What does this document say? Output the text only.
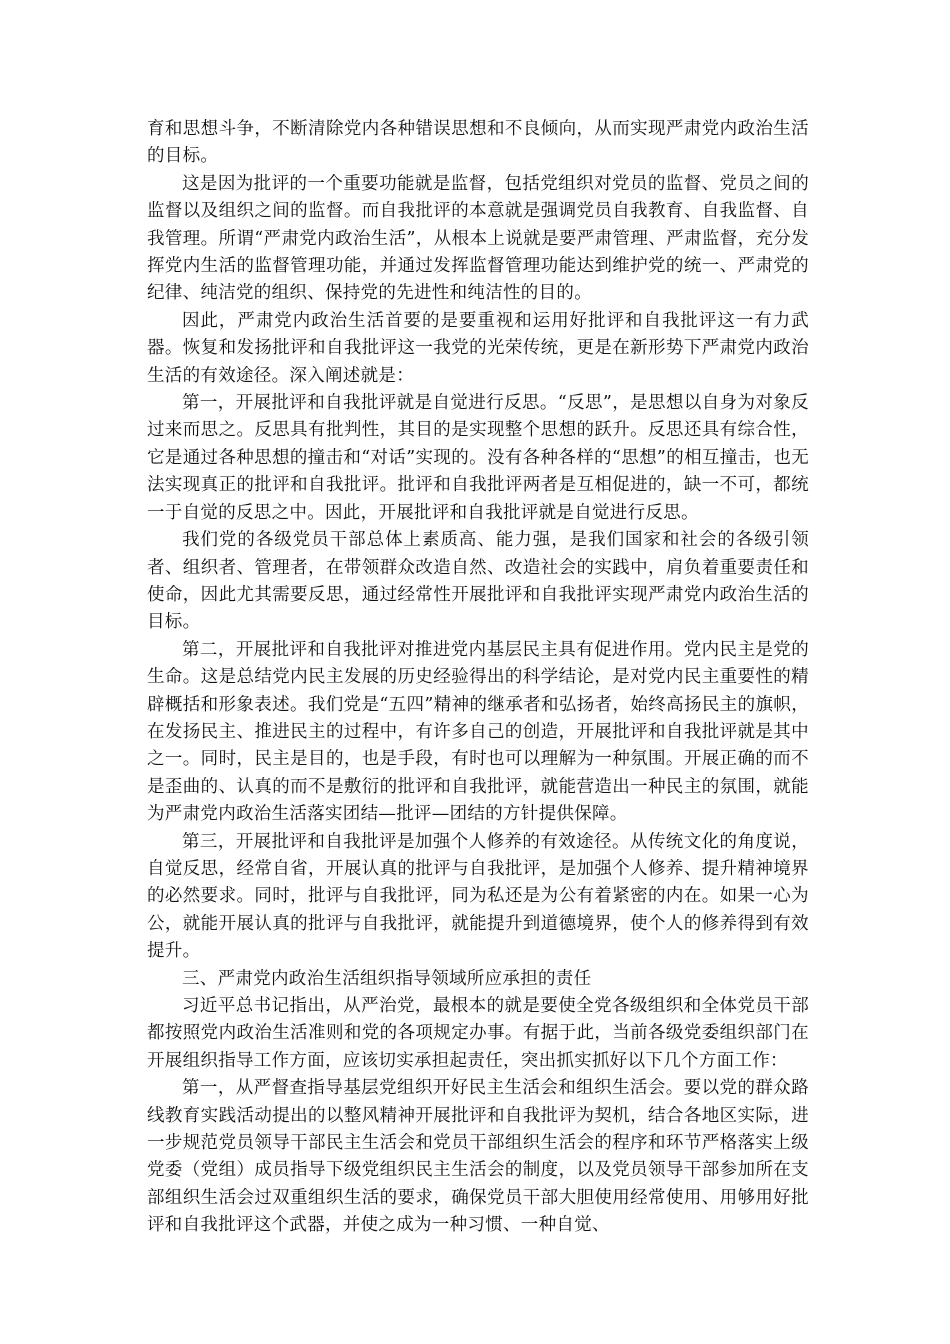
育和思想斗争，不断清除党内各种错误思想和不良倾向，从而实现严肃党内政治生活的目标。

这是因为批评的一个重要功能就是监督，包括党组织对党员的监督、党员之间的监督以及组织之间的监督。而自我批评的本意就是强调党员自我教育、自我监督、自我管理。所谓“严肃党内政治生活”，从根本上说就是要严肃管理、严肃监督，充分发挥党内生活的监督管理功能，并通过发挥监督管理功能达到维护党的统一、严肃党的纪律、纯洁党的组织、保持党的先进性和纯洁性的目的。

因此，严肃党内政治生活首要的是要重视和运用好批评和自我批评这一有力武器。恢复和发扬批评和自我批评这一我党的光荣传统，更是在新形势下严肃党内政治生活的有效途径。深入阐述就是：

第一，开展批评和自我批评就是自觉进行反思。“反思”，是思想以自身为对象反过来而思之。反思具有批判性，其目的是实现整个思想的跃升。反思还具有综合性，它是通过各种思想的撞击和“对话”实现的。没有各种各样的“思想”的相互撞击，也无法实现真正的批评和自我批评。批评和自我批评两者是互相促进的，缺一不可，都统一于自觉的反思之中。因此，开展批评和自我批评就是自觉进行反思。

我们党的各级党员干部总体上素质高、能力强，是我们国家和社会的各级引领者、组织者、管理者，在带领群众改造自然、改造社会的实践中，肩负着重要责任和使命，因此尤其需要反思，通过经常性开展批评和自我批评实现严肃党内政治生活的目标。

第二，开展批评和自我批评对推进党内基层民主具有促进作用。党内民主是党的生命。这是总结党内民主发展的历史经验得出的科学结论，是对党内民主重要性的精辟概括和形象表述。我们党是“五四”精神的继承者和弘扬者，始终高扬民主的旗帜，在发扬民主、推进民主的过程中，有许多自己的创造，开展批评和自我批评就是其中之一。同时，民主是目的，也是手段，有时也可以理解为一种氛围。开展正确的而不是歪曲的、认真的而不是敷衍的批评和自我批评，就能营造出一种民主的氛围，就能为严肃党内政治生活落实团结—批评—团结的方针提供保障。

第三，开展批评和自我批评是加强个人修养的有效途径。从传统文化的角度说，自觉反思，经常自省，开展认真的批评与自我批评，是加强个人修养、提升精神境界的必然要求。同时，批评与自我批评，同为私还是为公有着紧密的内在。如果一心为公，就能开展认真的批评与自我批评，就能提升到道德境界，使个人的修养得到有效提升。

三、严肃党内政治生活组织指导领域所应承担的责任

习近平总书记指出，从严治党，最根本的就是要使全党各级组织和全体党员干部都按照党内政治生活准则和党的各项规定办事。有据于此，当前各级党委组织部门在开展组织指导工作方面，应该切实承担起责任，突出抓实抓好以下几个方面工作：

第一，从严督查指导基层党组织开好民主生活会和组织生活会。要以党的群众路线教育实践活动提出的以整风精神开展批评和自我批评为契机，结合各地区实际，进一步规范党员领导干部民主生活会和党员干部组织生活会的程序和环节严格落实上级党委（党组）成员指导下级党组织民主生活会的制度，以及党员领导干部参加所在支部组织生活会过双重组织生活的要求，确保党员干部大胆使用经常使用、用够用好批评和自我批评这个武器，并使之成为一种习惯、一种自觉、
